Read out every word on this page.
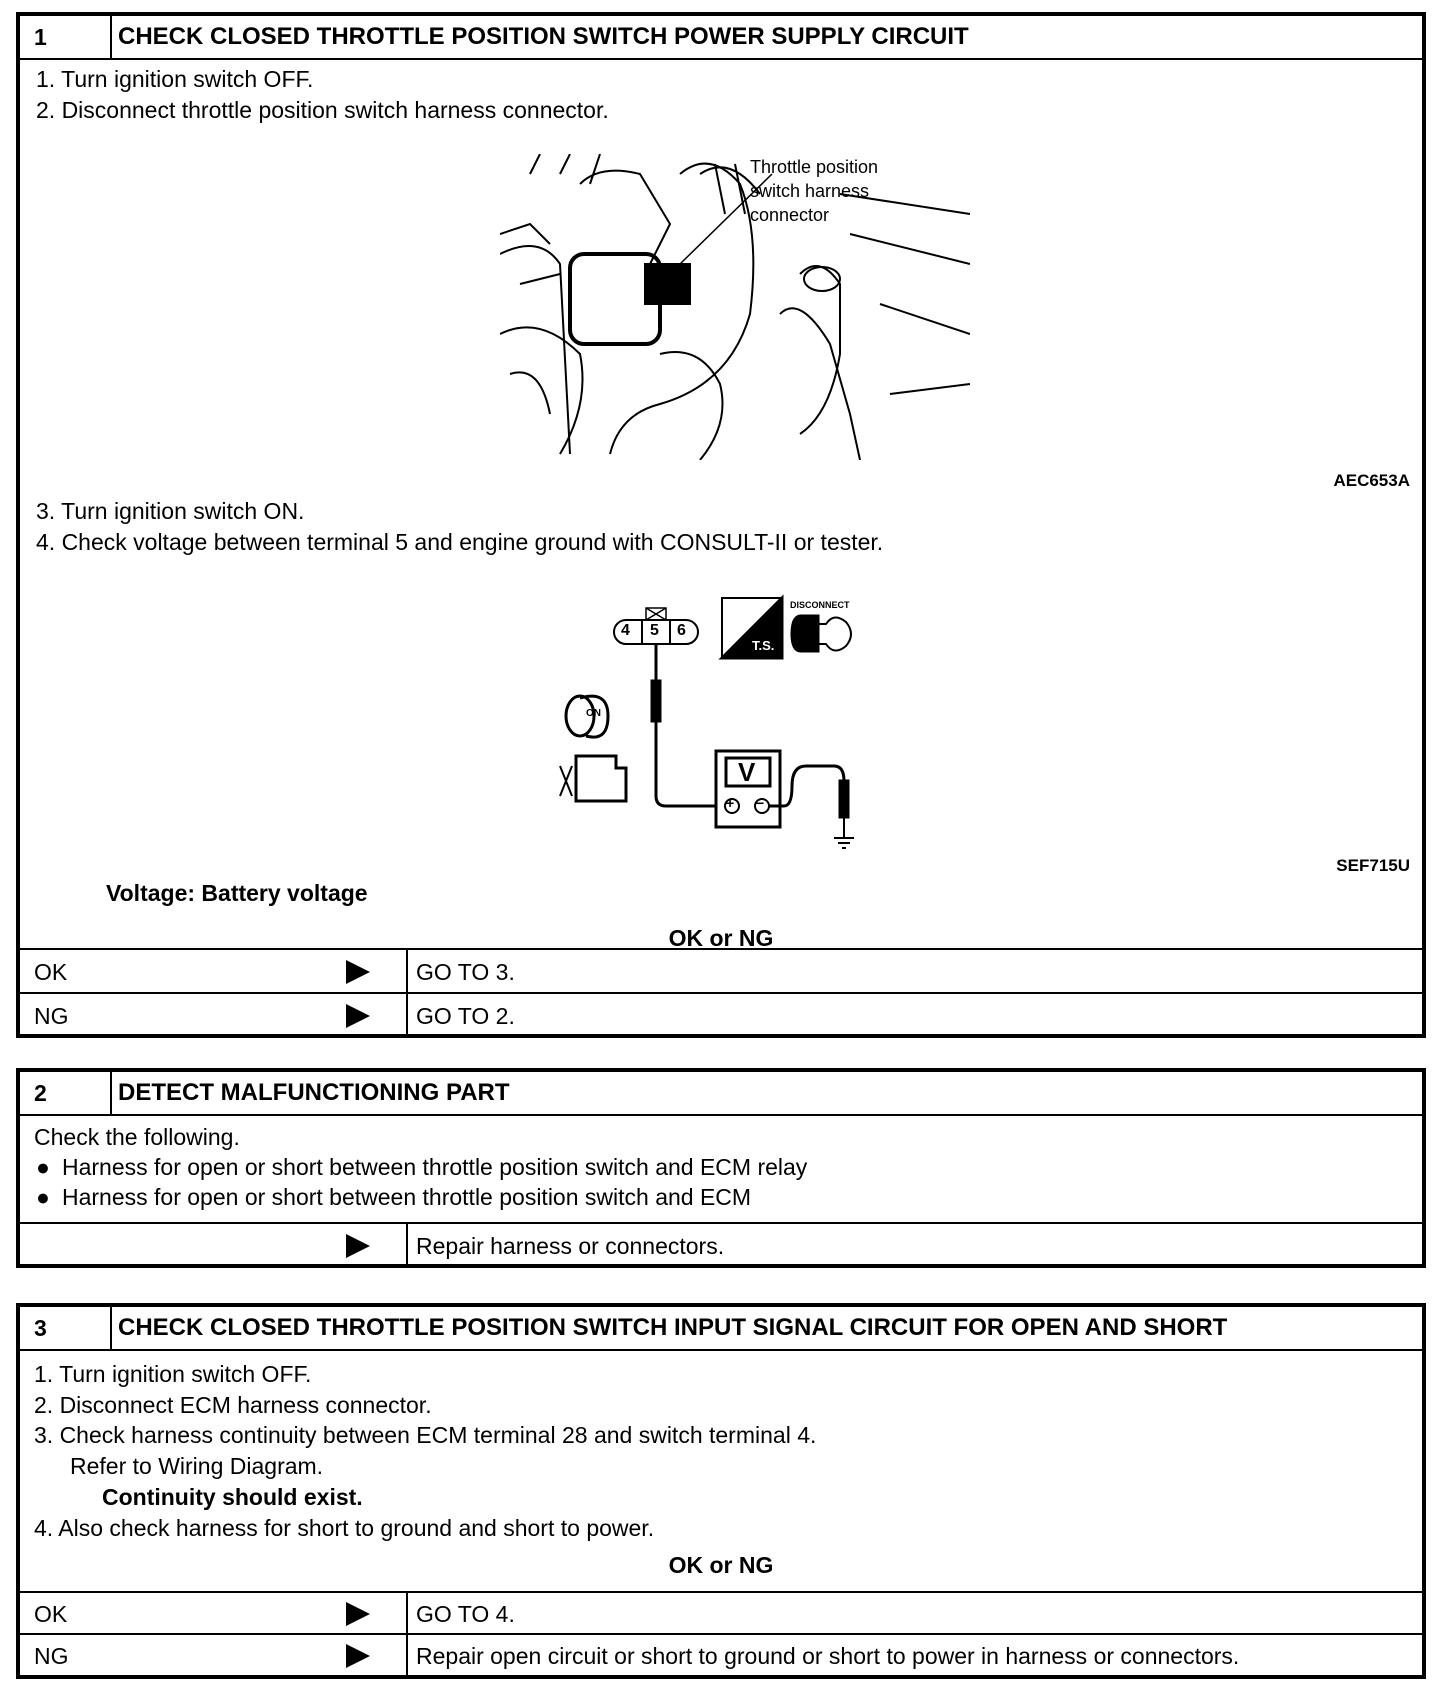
1	CHECK CLOSED THROTTLE POSITION SWITCH POWER SUPPLY CIRCUIT
1. Turn ignition switch OFF.
2. Disconnect throttle position switch harness connector.
Throttle position
switch harness
connector
AEC653A
3. Turn ignition switch ON.
4. Check voltage between terminal 5 and engine ground with CONSULT-II or tester.
4 5 6
T.S.
DISCONNECT
V
+ −
ON
SEF715U
Voltage: Battery voltage
OK or NG
OK	GO TO 3.
NG	GO TO 2.
2	DETECT MALFUNCTIONING PART
Check the following.
● Harness for open or short between throttle position switch and ECM relay
● Harness for open or short between throttle position switch and ECM
Repair harness or connectors.
3	CHECK CLOSED THROTTLE POSITION SWITCH INPUT SIGNAL CIRCUIT FOR OPEN AND SHORT
1. Turn ignition switch OFF.
2. Disconnect ECM harness connector.
3. Check harness continuity between ECM terminal 28 and switch terminal 4.
Refer to Wiring Diagram.
Continuity should exist.
4. Also check harness for short to ground and short to power.
OK or NG
OK	GO TO 4.
NG	Repair open circuit or short to ground or short to power in harness or connectors.
